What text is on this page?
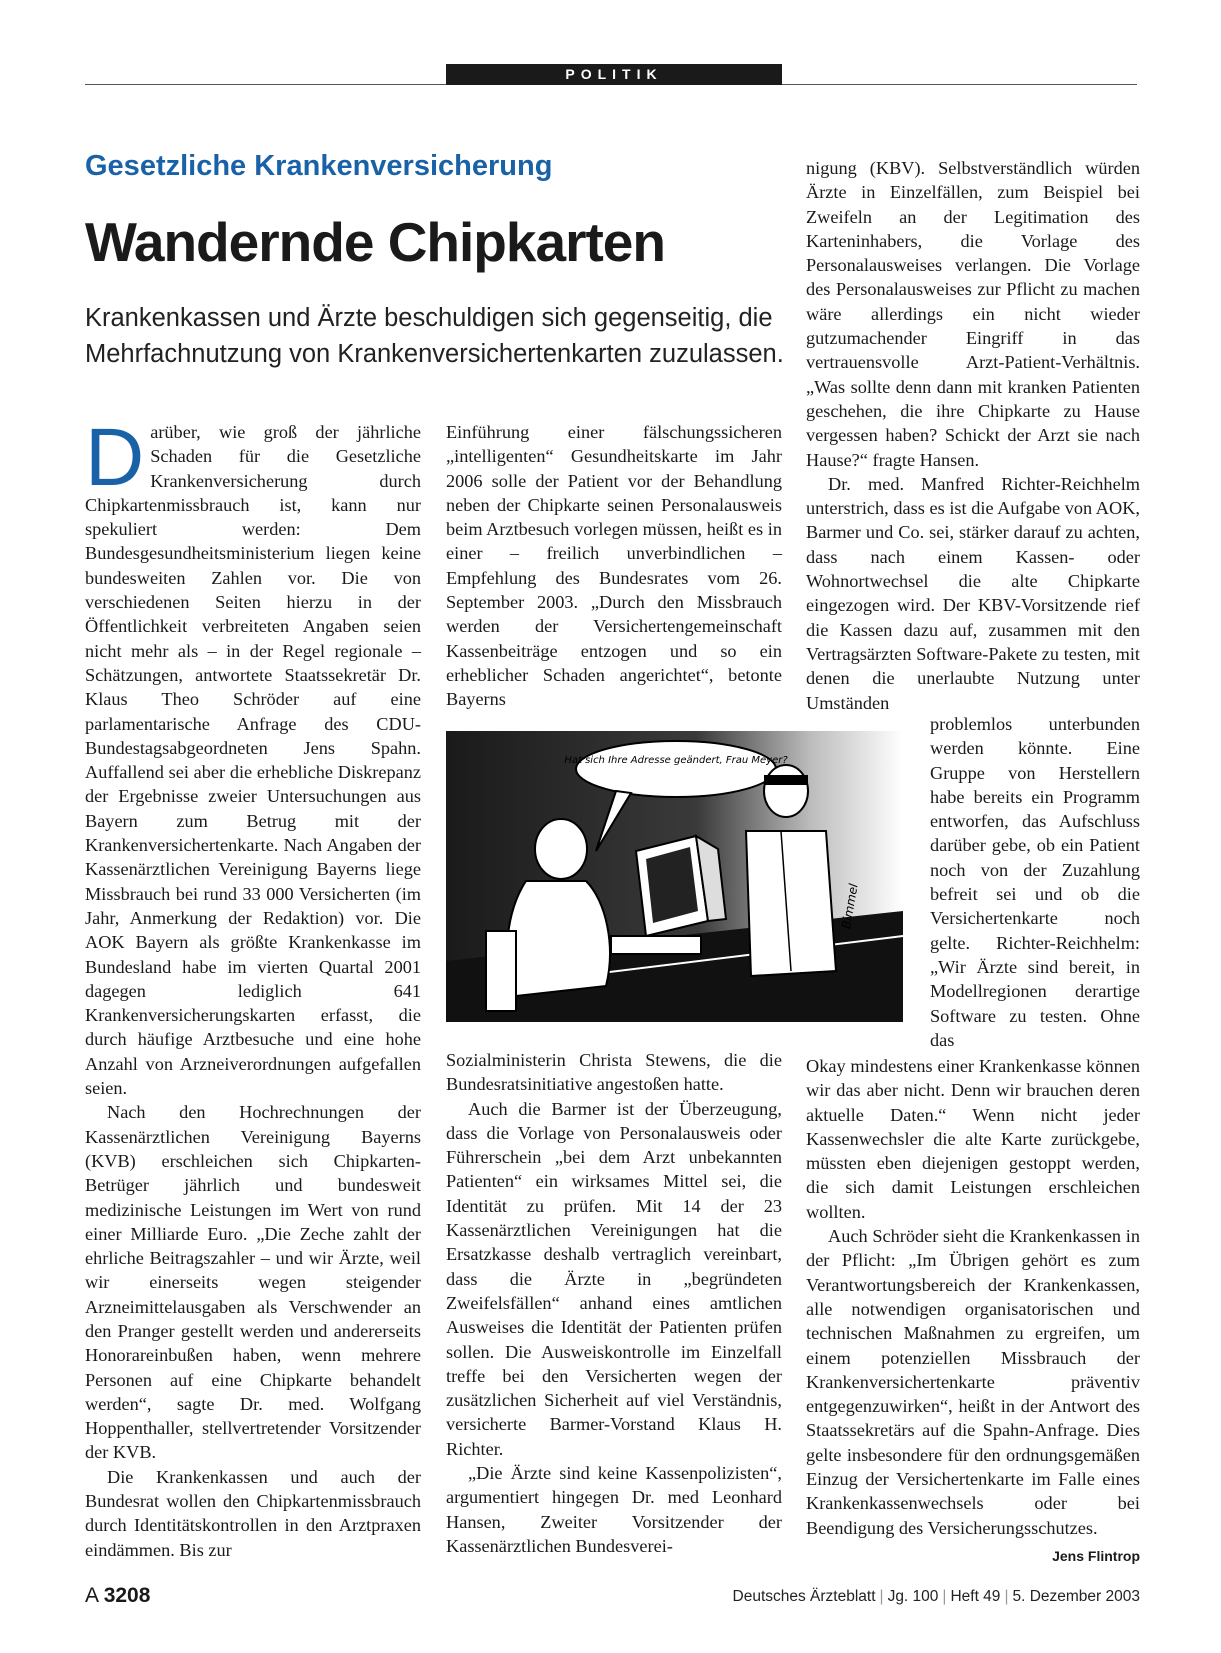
POLITIK
Gesetzliche Krankenversicherung
Wandernde Chipkarten
Krankenkassen und Ärzte beschuldigen sich gegenseitig, die Mehrfachnutzung von Krankenversichertenkarten zuzulassen.

Darüber, wie groß der jährliche Schaden für die Gesetzliche Krankenversicherung durch Chipkartenmissbrauch ist, kann nur spekuliert werden: Dem Bundesgesundheitsministerium liegen keine bundesweiten Zahlen vor. Die von verschiedenen Seiten hierzu in der Öffentlichkeit verbreiteten Angaben seien nicht mehr als – in der Regel regionale – Schätzungen, antwortete Staatssekretär Dr. Klaus Theo Schröder auf eine parlamentarische Anfrage des CDU-Bundestagsabgeordneten Jens Spahn. Auffallend sei aber die erhebliche Diskrepanz der Ergebnisse zweier Untersuchungen aus Bayern zum Betrug mit der Krankenversichertenkarte. Nach Angaben der Kassenärztlichen Vereinigung Bayerns liege Missbrauch bei rund 33 000 Versicherten (im Jahr, Anmerkung der Redaktion) vor. Die AOK Bayern als größte Krankenkasse im Bundesland habe im vierten Quartal 2001 dagegen lediglich 641 Krankenversicherungskarten erfasst, die durch häufige Arztbesuche und eine hohe Anzahl von Arzneiverordnungen aufgefallen seien.

Nach den Hochrechnungen der Kassenärztlichen Vereinigung Bayerns (KVB) erschleichen sich Chipkarten-Betrüger jährlich und bundesweit medizinische Leistungen im Wert von rund einer Milliarde Euro. „Die Zeche zahlt der ehrliche Beitragszahler – und wir Ärzte, weil wir einerseits wegen steigender Arzneimittelausgaben als Verschwender an den Pranger gestellt werden und andererseits Honorareinbußen haben, wenn mehrere Personen auf eine Chipkarte behandelt werden“, sagte Dr. med. Wolfgang Hoppenthaller, stellvertretender Vorsitzender der KVB.

Die Krankenkassen und auch der Bundesrat wollen den Chipkartenmissbrauch durch Identitätskontrollen in den Arztpraxen eindämmen. Bis zur

Einführung einer fälschungssicheren „intelligenten“ Gesundheitskarte im Jahr 2006 solle der Patient vor der Behandlung neben der Chipkarte seinen Personalausweis beim Arztbesuch vorlegen müssen, heißt es in einer – freilich unverbindlichen – Empfehlung des Bundesrates vom 26. September 2003. „Durch den Missbrauch werden der Versichertengemeinschaft Kassenbeiträge entzogen und so ein erheblicher Schaden angerichtet“, betonte Bayerns

Hat sich Ihre Adresse geändert, Frau Meyer?
Bimmel

Sozialministerin Christa Stewens, die die Bundesratsinitiative angestoßen hatte.

Auch die Barmer ist der Überzeugung, dass die Vorlage von Personalausweis oder Führerschein „bei dem Arzt unbekannten Patienten“ ein wirksames Mittel sei, die Identität zu prüfen. Mit 14 der 23 Kassenärztlichen Vereinigungen hat die Ersatzkasse deshalb vertraglich vereinbart, dass die Ärzte in „begründeten Zweifelsfällen“ anhand eines amtlichen Ausweises die Identität der Patienten prüfen sollen. Die Ausweiskontrolle im Einzelfall treffe bei den Versicherten wegen der zusätzlichen Sicherheit auf viel Verständnis, versicherte Barmer-Vorstand Klaus H. Richter.

„Die Ärzte sind keine Kassenpolizisten“, argumentiert hingegen Dr. med Leonhard Hansen, Zweiter Vorsitzender der Kassenärztlichen Bundesverei-

nigung (KBV). Selbstverständlich würden Ärzte in Einzelfällen, zum Beispiel bei Zweifeln an der Legitimation des Karteninhabers, die Vorlage des Personalausweises verlangen. Die Vorlage des Personalausweises zur Pflicht zu machen wäre allerdings ein nicht wieder gutzumachender Eingriff in das vertrauensvolle Arzt-Patient-Verhältnis. „Was sollte denn dann mit kranken Patienten geschehen, die ihre Chipkarte zu Hause vergessen haben? Schickt der Arzt sie nach Hause?“ fragte Hansen.

Dr. med. Manfred Richter-Reichhelm unterstrich, dass es ist die Aufgabe von AOK, Barmer und Co. sei, stärker darauf zu achten, dass nach einem Kassen- oder Wohnortwechsel die alte Chipkarte eingezogen wird. Der KBV-Vorsitzende rief die Kassen dazu auf, zusammen mit den Vertragsärzten Software-Pakete zu testen, mit denen die unerlaubte Nutzung unter Umständen

problemlos unterbunden werden könnte. Eine Gruppe von Herstellern habe bereits ein Programm entworfen, das Aufschluss darüber gebe, ob ein Patient noch von der Zuzahlung befreit sei und ob die Versichertenkarte noch gelte. Richter-Reichhelm: „Wir Ärzte sind bereit, in Modellregionen derartige Software zu testen. Ohne das

Okay mindestens einer Krankenkasse können wir das aber nicht. Denn wir brauchen deren aktuelle Daten.“ Wenn nicht jeder Kassenwechsler die alte Karte zurückgebe, müssten eben diejenigen gestoppt werden, die sich damit Leistungen erschleichen wollten.

Auch Schröder sieht die Krankenkassen in der Pflicht: „Im Übrigen gehört es zum Verantwortungsbereich der Krankenkassen, alle notwendigen organisatorischen und technischen Maßnahmen zu ergreifen, um einem potenziellen Missbrauch der Krankenversichertenkarte präventiv entgegenzuwirken“, heißt in der Antwort des Staatssekretärs auf die Spahn-Anfrage. Dies gelte insbesondere für den ordnungsgemäßen Einzug der Versichertenkarte im Falle eines Krankenkassenwechsels oder bei Beendigung des Versicherungsschutzes.
Jens Flintrop

A 3208	Deutsches Ärzteblatt | Jg. 100 | Heft 49 | 5. Dezember 2003
